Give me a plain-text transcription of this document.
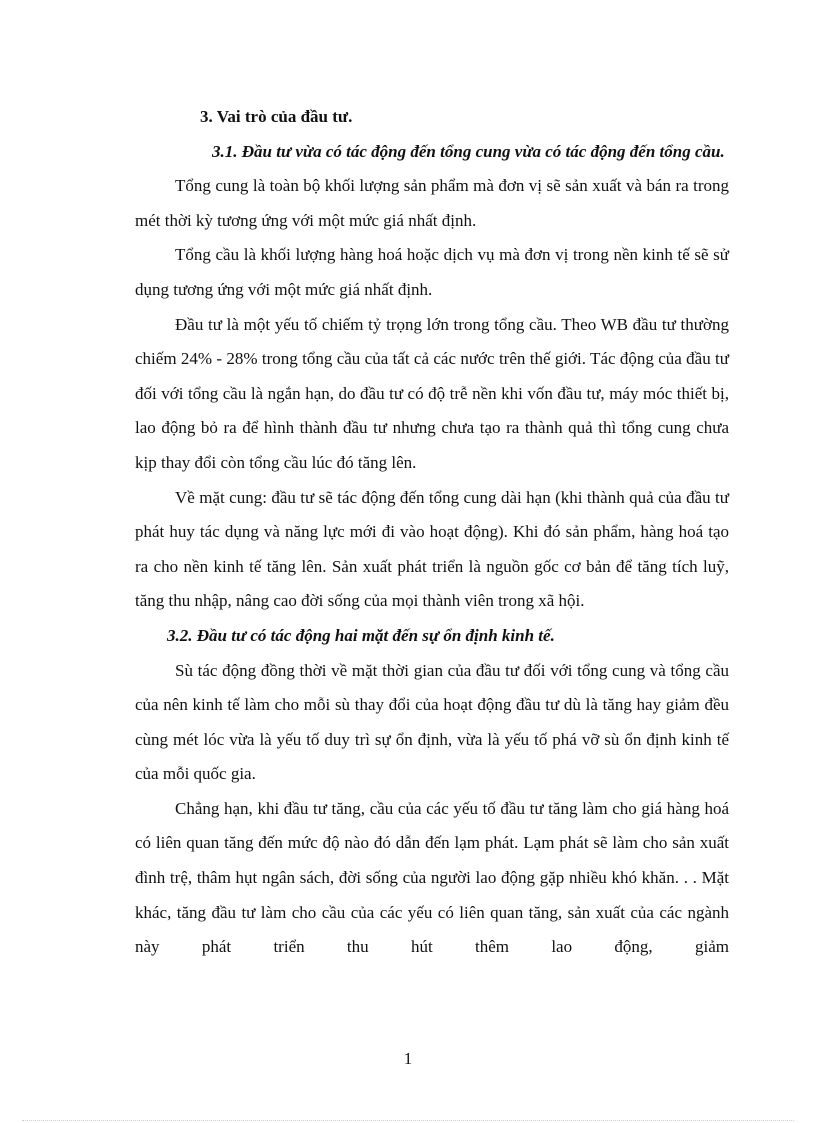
3. Vai trò của đầu tư.

3.1. Đầu tư vừa có tác động đến tổng cung vừa có tác động đến tổng cầu.

Tổng cung là toàn bộ khối lượng sản phẩm mà đơn vị sẽ sản xuất và bán ra trong mét thời kỳ tương ứng với một mức giá nhất định.

Tổng cầu là khối lượng hàng hoá hoặc dịch vụ mà đơn vị trong nền kinh tế sẽ sử dụng tương ứng với một mức giá nhất định.

Đầu tư là một yếu tố chiếm tỷ trọng lớn trong tổng cầu. Theo WB đầu tư thường chiếm 24% - 28% trong tổng cầu của tất cả các nước trên thế giới. Tác động của đầu tư đối với tổng cầu là ngắn hạn, do đầu tư có độ trễ nền khi vốn đầu tư, máy móc thiết bị, lao động bỏ ra để hình thành đầu tư nhưng chưa tạo ra thành quả thì tổng cung chưa kịp thay đổi còn tổng cầu lúc đó tăng lên.

Về mặt cung: đầu tư sẽ tác động đến tổng cung dài hạn (khi thành quả của đầu tư phát huy tác dụng và năng lực mới đi vào hoạt động). Khi đó sản phẩm, hàng hoá tạo ra cho nền kinh tế tăng lên. Sản xuất phát triển là nguồn gốc cơ bản để tăng tích luỹ, tăng thu nhập, nâng cao đời sống của mọi thành viên trong xã hội.

3.2. Đầu tư có tác động hai mặt đến sự ổn định kinh tế.

Sù tác động đồng thời về mặt thời gian của đầu tư đối với tổng cung và tổng cầu của nên kinh tế làm cho mỗi sù thay đổi của hoạt động đầu tư dù là tăng hay giảm đều cùng mét lóc vừa là yếu tố duy trì sự ổn định, vừa là yếu tố phá vỡ sù ổn định kinh tế của mỗi quốc gia.

Chẳng hạn, khi đầu tư tăng, cầu của các yếu tố đầu tư tăng làm cho giá hàng hoá có liên quan tăng đến mức độ nào đó dẫn đến lạm phát. Lạm phát sẽ làm cho sản xuất đình trệ, thâm hụt ngân sách, đời sống của người lao động gặp nhiều khó khăn. . . Mặt khác, tăng đầu tư làm cho cầu của các yếu có liên quan tăng, sản xuất của các ngành này phát triển thu hút thêm lao động, giảm

1
